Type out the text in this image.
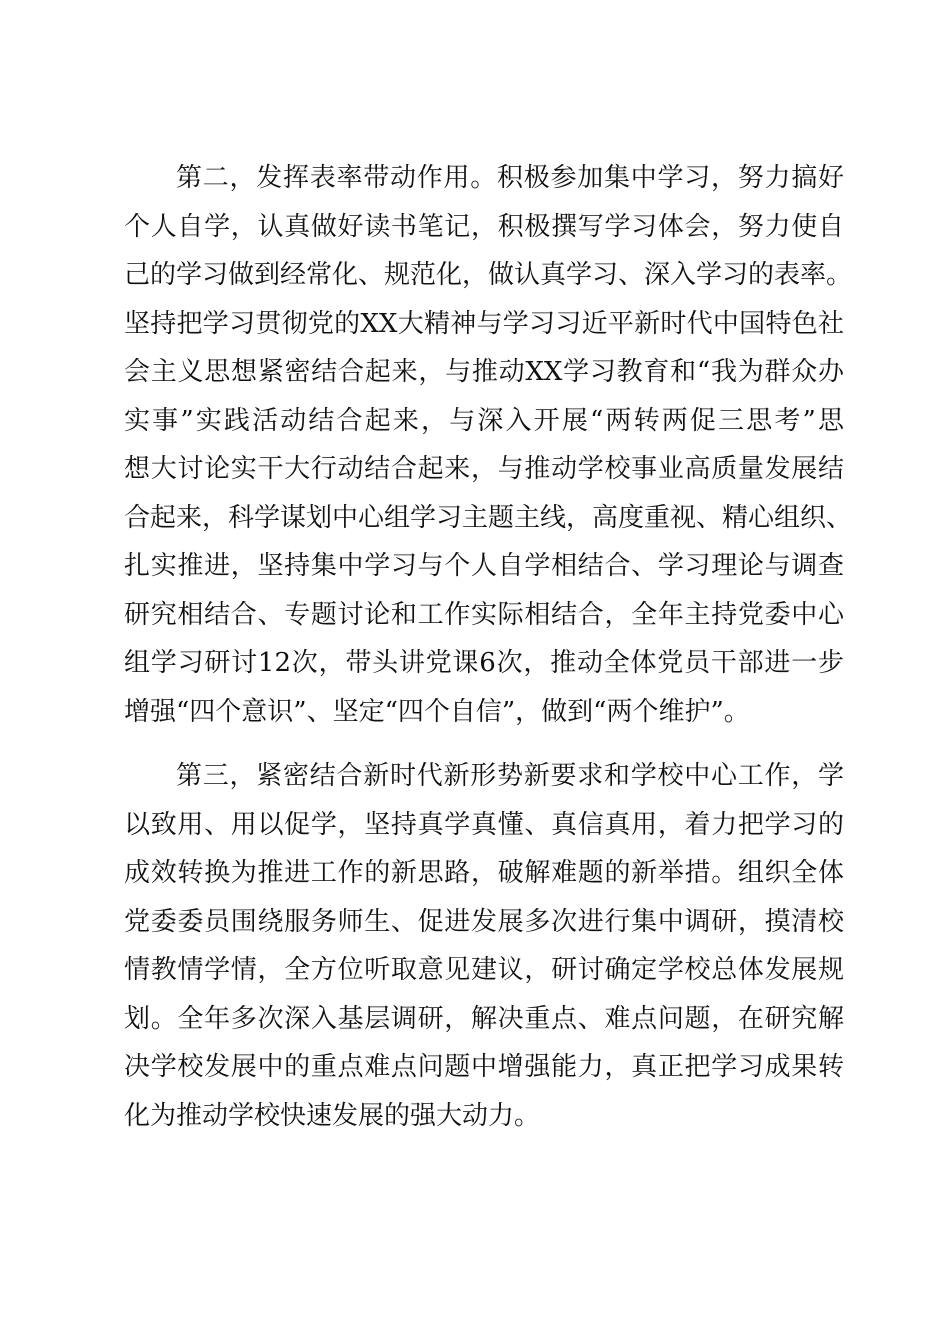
第二，发挥表率带动作用。积极参加集中学习，努力搞好
个人自学，认真做好读书笔记，积极撰写学习体会，努力使自
己的学习做到经常化、规范化，做认真学习、深入学习的表率。
坚持把学习贯彻党的XX大精神与学习习近平新时代中国特色社
会主义思想紧密结合起来，与推动XX学习教育和“我为群众办
实事”实践活动结合起来，与深入开展“两转两促三思考”思
想大讨论实干大行动结合起来，与推动学校事业高质量发展结
合起来，科学谋划中心组学习主题主线，高度重视、精心组织、
扎实推进，坚持集中学习与个人自学相结合、学习理论与调查
研究相结合、专题讨论和工作实际相结合，全年主持党委中心
组学习研讨12次，带头讲党课6次，推动全体党员干部进一步
增强“四个意识”、坚定“四个自信”，做到“两个维护”。
第三，紧密结合新时代新形势新要求和学校中心工作，学
以致用、用以促学，坚持真学真懂、真信真用，着力把学习的
成效转换为推进工作的新思路，破解难题的新举措。组织全体
党委委员围绕服务师生、促进发展多次进行集中调研，摸清校
情教情学情，全方位听取意见建议，研讨确定学校总体发展规
划。全年多次深入基层调研，解决重点、难点问题，在研究解
决学校发展中的重点难点问题中增强能力，真正把学习成果转
化为推动学校快速发展的强大动力。
